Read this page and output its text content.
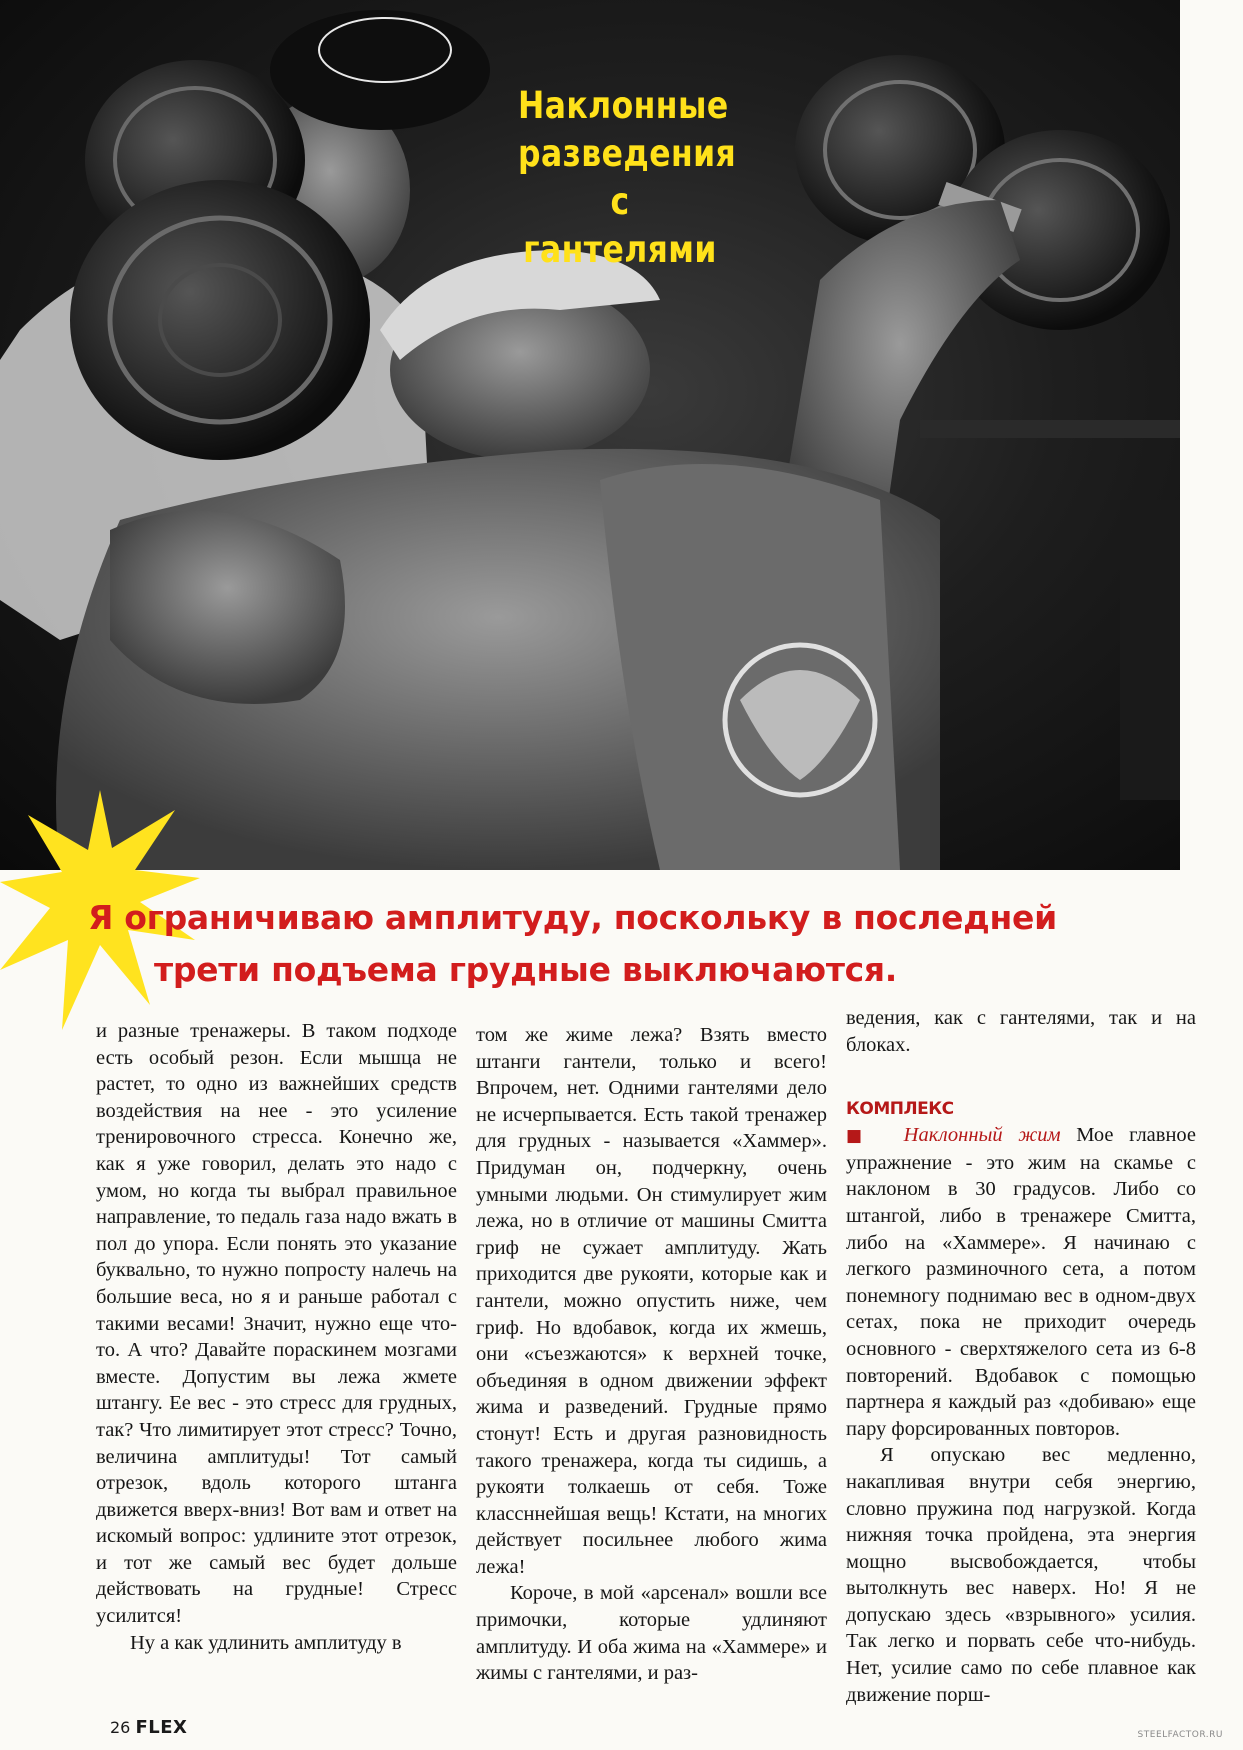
Наклонные
разведения
с гантелями
Я ограничиваю амплитуду, поскольку в последней
трети подъема грудные выключаются.

и разные тренажеры. В таком подходе есть особый резон. Если мышца не растет, то одно из важнейших средств воздействия на нее - это усиление тренировочного стресса. Конечно же, как я уже говорил, делать это надо с умом, но когда ты выбрал правильное направление, то педаль газа надо вжать в пол до упора. Если понять это указание буквально, то нужно попросту налечь на большие веса, но я и раньше работал с такими весами! Значит, нужно еще что-то. А что? Давайте пораскинем мозгами вместе. Допустим вы лежа жмете штангу. Ее вес - это стресс для грудных, так? Что лимитирует этот стресс? Точно, величина амплитуды! Тот самый отрезок, вдоль которого штанга движется вверх-вниз! Вот вам и ответ на искомый вопрос: удлините этот отрезок, и тот же самый вес будет дольше действовать на грудные! Стресс усилится!

Ну а как удлинить амплитуду в

том же жиме лежа? Взять вместо штанги гантели, только и всего! Впрочем, нет. Одними гантелями дело не исчерпывается. Есть такой тренажер для грудных - называется «Хаммер». Придуман он, подчеркну, очень умными людьми. Он стимулирует жим лежа, но в отличие от машины Смитта гриф не сужает амплитуду. Жать приходится две рукояти, которые как и гантели, можно опустить ниже, чем гриф. Но вдобавок, когда их жмешь, они «съезжаются» к верхней точке, объединяя в одном движении эффект жима и разведений. Грудные прямо стонут! Есть и другая разновидность такого тренажера, когда ты сидишь, а рукояти толкаешь от себя. Тоже классннейшая вещь! Кстати, на многих действует посильнее любого жима лежа!

Короче, в мой «арсенал» вошли все примочки, которые удлиняют амплитуду. И оба жима на «Хаммере» и жимы с гантелями, и раз-

ведения, как с гантелями, так и на блоках.

КОМПЛЕКС

■ Наклонный жим Мое главное упражнение - это жим на скамье с наклоном в 30 градусов. Либо со штангой, либо в тренажере Смитта, либо на «Хаммере». Я начинаю с легкого разминочного сета, а потом понемногу поднимаю вес в одном-двух сетах, пока не приходит очередь основного - сверхтяжелого сета из 6-8 повторений. Вдобавок с помощью партнера я каждый раз «добиваю» еще пару форсированных повторов.

Я опускаю вес медленно, накапливая внутри себя энергию, словно пружина под нагрузкой. Когда нижняя точка пройдена, эта энергия мощно высвобождается, чтобы вытолкнуть вес наверх. Но! Я не допускаю здесь «взрывного» усилия. Так легко и порвать себе что-нибудь. Нет, усилие само по себе плавное как движение порш-

26 FLEX	STEELFACTOR.RU
